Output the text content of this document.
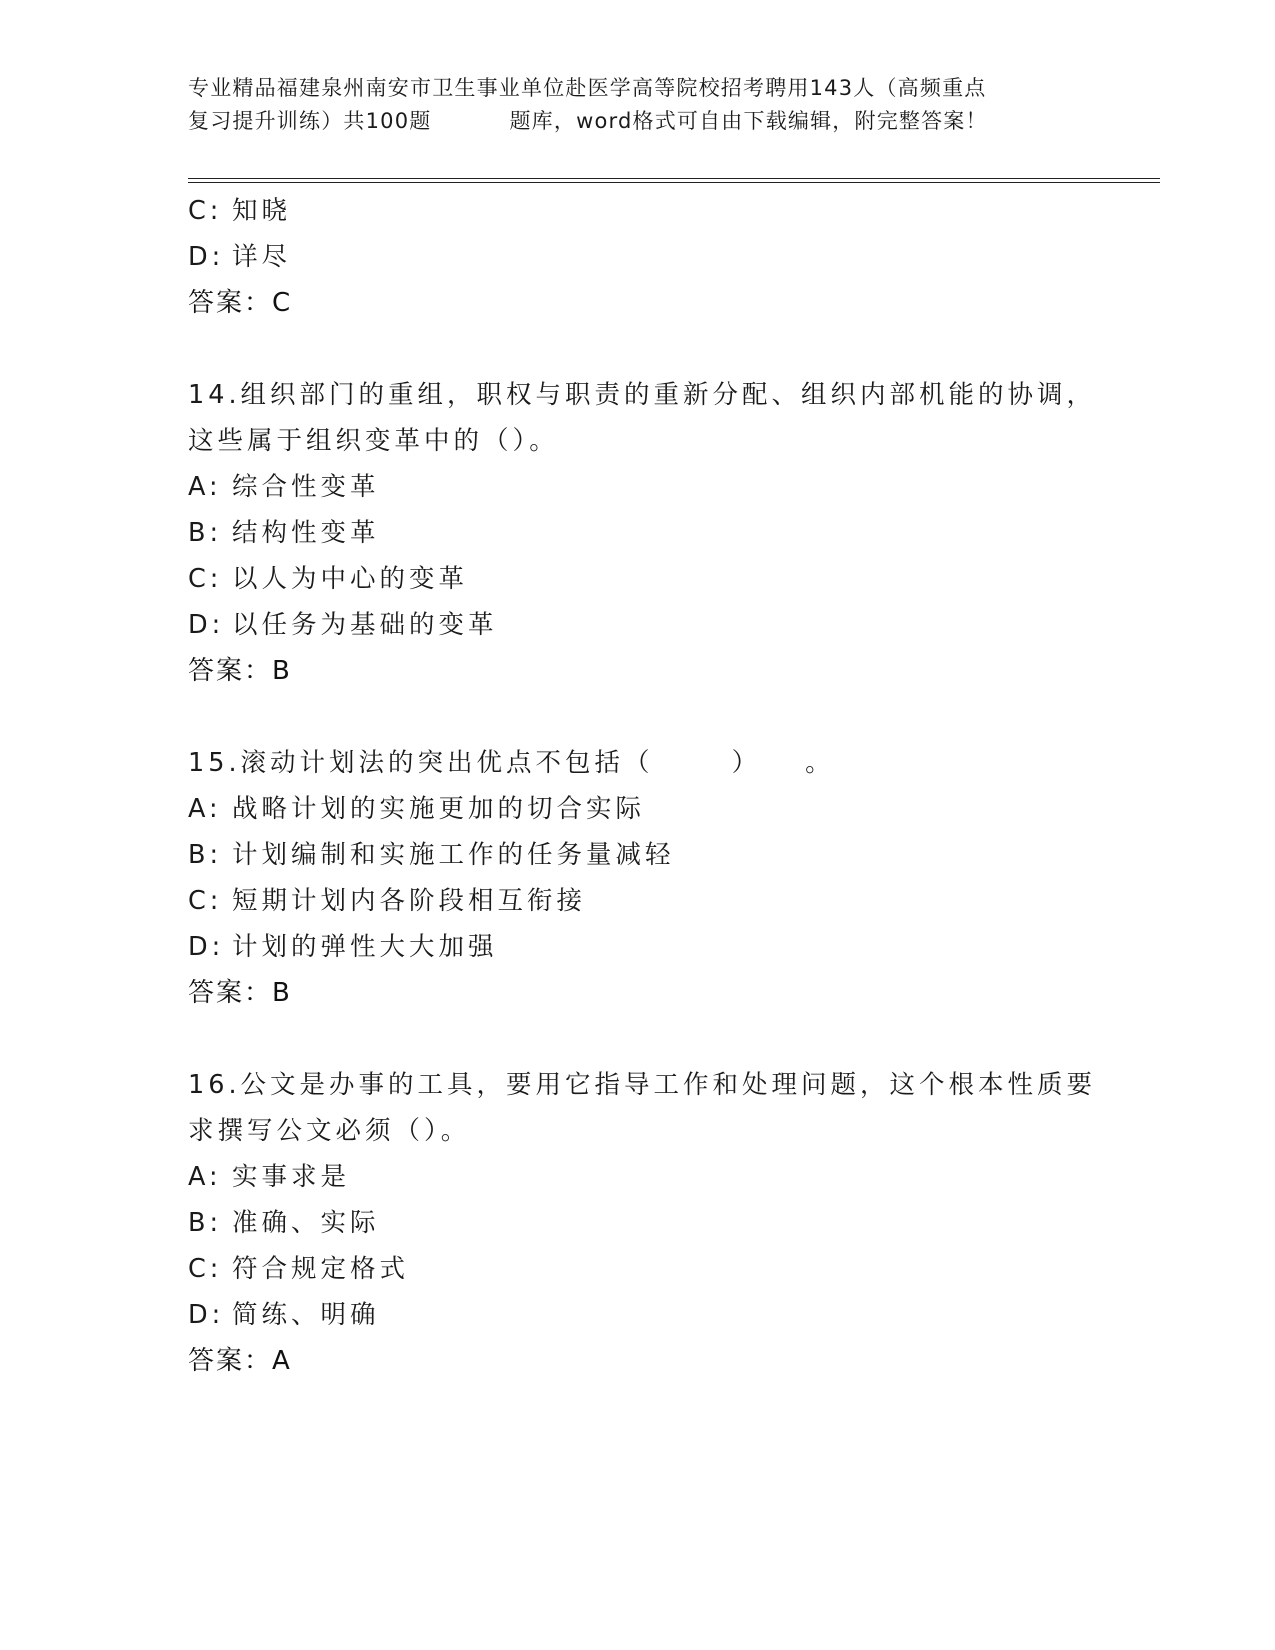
专业精品福建泉州南安市卫生事业单位赴医学高等院校招考聘用143人（高频重点
复习提升训练）共100题	题库，word格式可自由下载编辑，附完整答案！
C: 知晓
D: 详尽
答案：C
14.组织部门的重组，职权与职责的重新分配、组织内部机能的协调，
这些属于组织变革中的（）。
A: 综合性变革
B: 结构性变革
C: 以人为中心的变革
D: 以任务为基础的变革
答案：B
15.滚动计划法的突出优点不包括（	） 。
A: 战略计划的实施更加的切合实际
B: 计划编制和实施工作的任务量减轻
C: 短期计划内各阶段相互衔接
D: 计划的弹性大大加强
答案：B
16.公文是办事的工具，要用它指导工作和处理问题，这个根本性质要
求撰写公文必须（）。
A: 实事求是
B: 准确、实际
C: 符合规定格式
D: 简练、明确
答案：A
